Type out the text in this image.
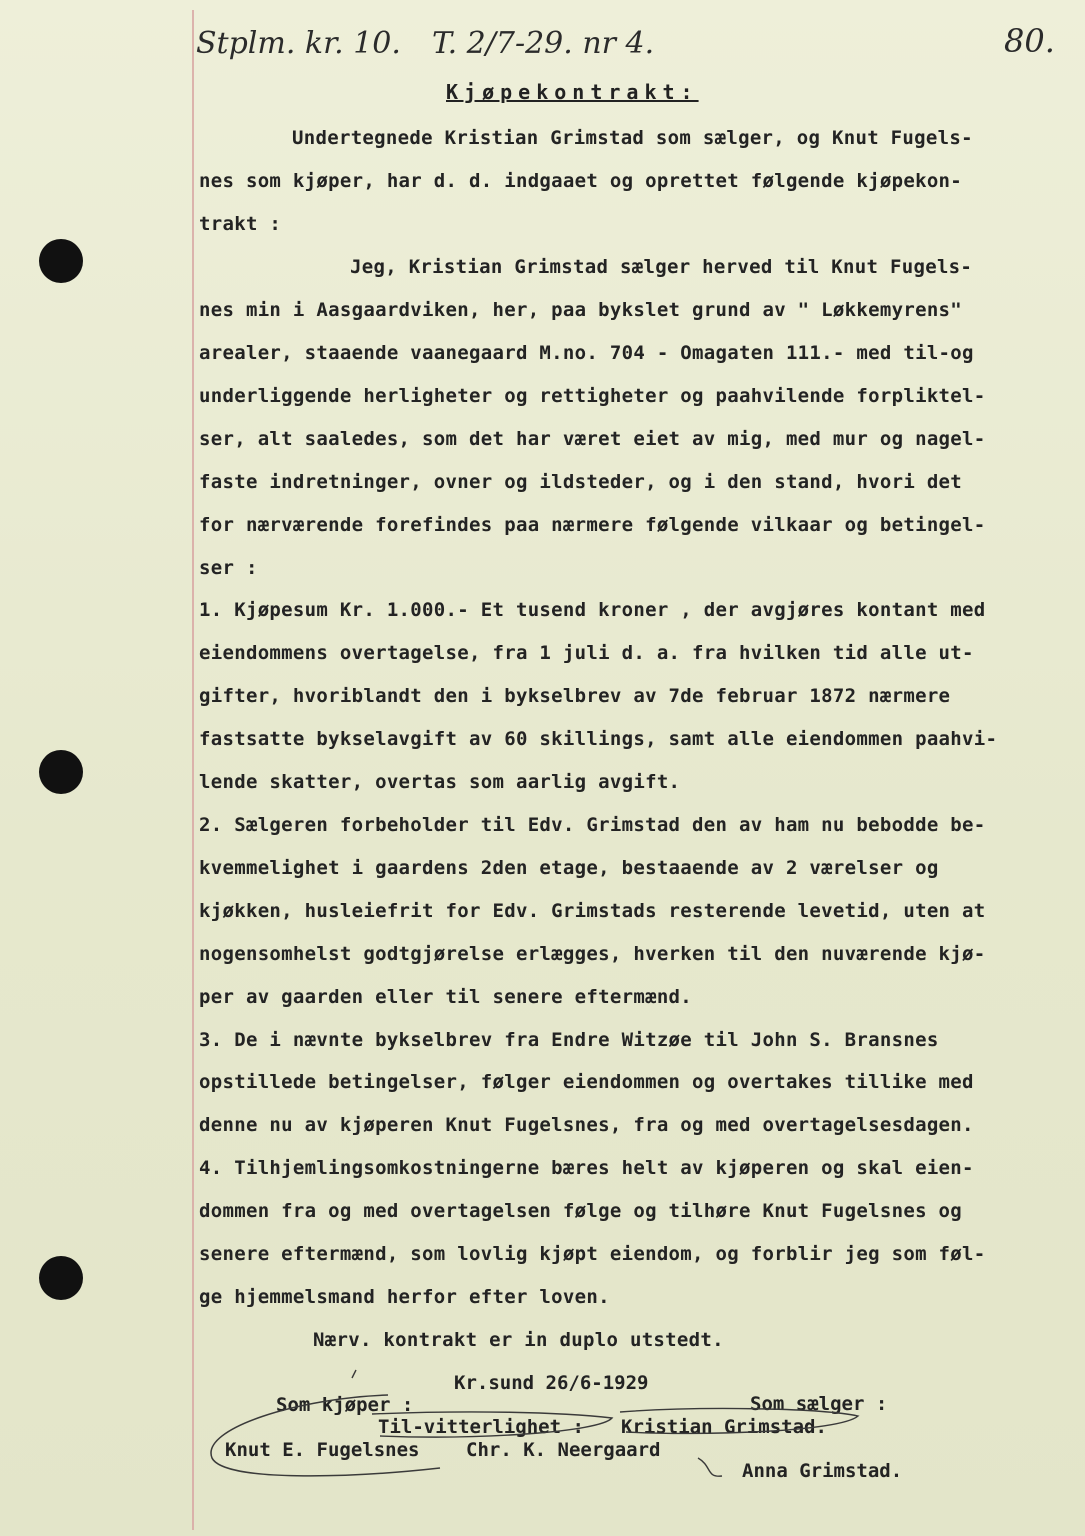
Stplm. kr. 10. T. 2/7-29. nr 4.	80.
Kjøpekontrakt:
Undertegnede Kristian Grimstad som sælger, og Knut Fugels-
nes som kjøper, har d. d. indgaaet og oprettet følgende kjøpekon-
trakt :
Jeg, Kristian Grimstad sælger herved til Knut Fugels-
nes min i Aasgaardviken, her, paa bykslet grund av " Løkkemyrens"
arealer, staaende vaanegaard M.no. 704 - Omagaten 111.- med til-og
underliggende herligheter og rettigheter og paahvilende forpliktel-
ser, alt saaledes, som det har været eiet av mig, med mur og nagel-
faste indretninger, ovner og ildsteder, og i den stand, hvori det
for nærværende forefindes paa nærmere følgende vilkaar og betingel-
ser :
1. Kjøpesum Kr. 1.000.- Et tusend kroner , der avgjøres kontant med
eiendommens overtagelse, fra 1 juli d. a. fra hvilken tid alle ut-
gifter, hvoriblandt den i bykselbrev av 7de februar 1872 nærmere
fastsatte bykselavgift av 60 skillings, samt alle eiendommen paahvi-
lende skatter, overtas som aarlig avgift.
2. Sælgeren forbeholder til Edv. Grimstad den av ham nu bebodde be-
kvemmelighet i gaardens 2den etage, bestaaende av 2 værelser og
kjøkken, husleiefrit for Edv. Grimstads resterende levetid, uten at
nogensomhelst godtgjørelse erlægges, hverken til den nuværende kjø-
per av gaarden eller til senere eftermænd.
3. De i nævnte bykselbrev fra Endre Witzøe til John S. Bransnes
opstillede betingelser, følger eiendommen og overtakes tillike med
denne nu av kjøperen Knut Fugelsnes, fra og med overtagelsesdagen.
4. Tilhjemlingsomkostningerne bæres helt av kjøperen og skal eien-
dommen fra og med overtagelsen følge og tilhøre Knut Fugelsnes og
senere eftermænd, som lovlig kjøpt eiendom, og forblir jeg som føl-
ge hjemmelsmand herfor efter loven.
Nærv. kontrakt er in duplo utstedt.
Kr.sund 26/6-1929
Som kjøper :	Som sælger :
Til-vitterlighet : Kristian Grimstad.
Knut E. Fugelsnes Chr. K. Neergaard
Anna Grimstad.
